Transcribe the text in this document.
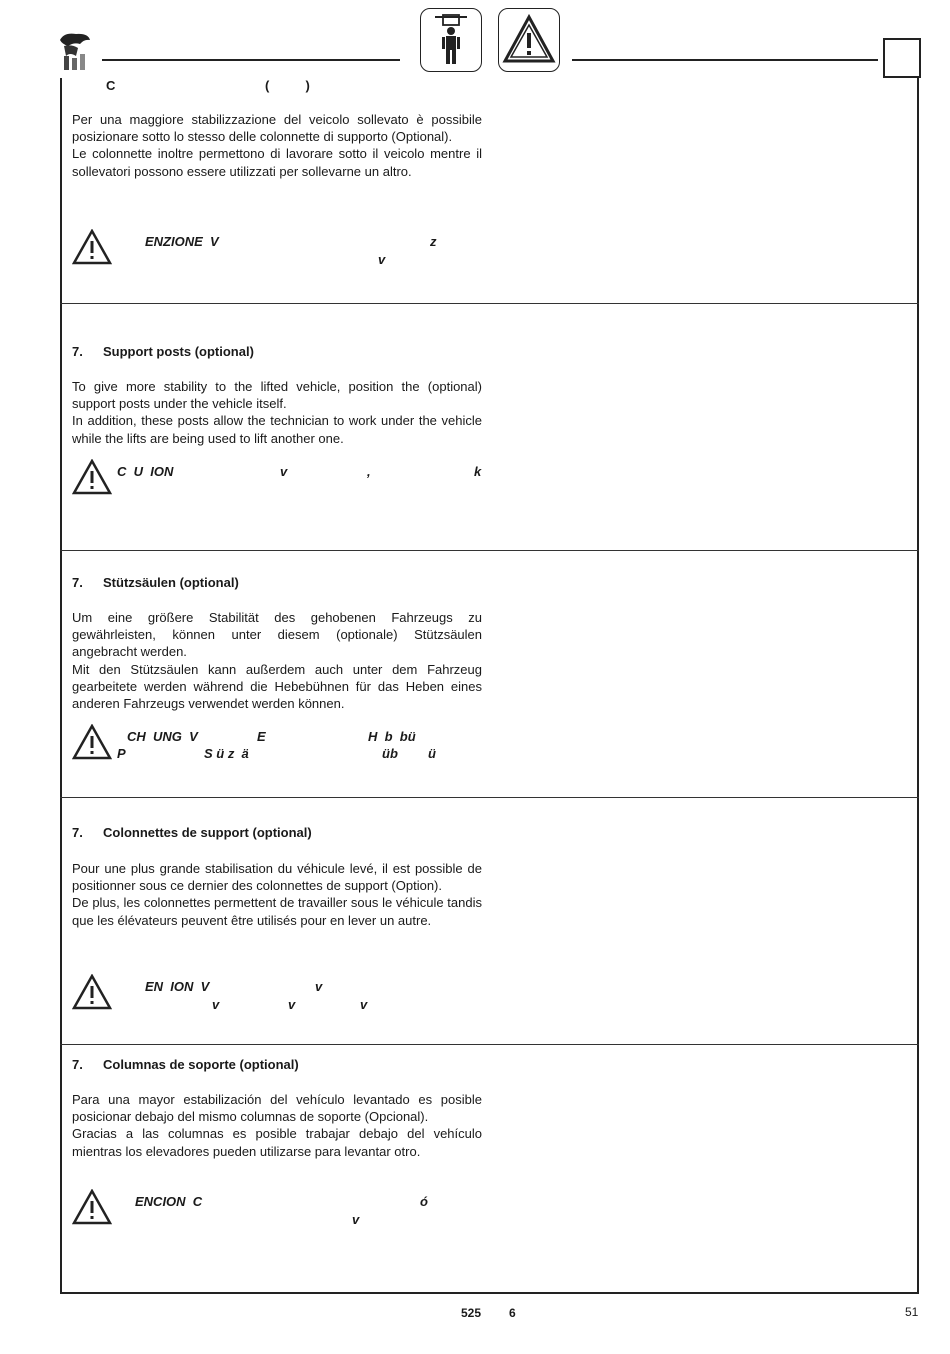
C	(          )

Per una maggiore stabilizzazione del veicolo sollevato è possibile posizionare sotto lo stesso delle colonnette di supporto (Optional).

Le colonnette inoltre permettono di lavorare sotto il veicolo mentre il sollevatori possono essere utilizzati per sollevarne un altro.

ENZIONE  V	z
v
7. Support posts (optional)

To give more stability to the lifted vehicle, position the (optional) support posts under the vehicle itself.

In addition, these posts allow the technician to work under the vehicle while the lifts are being used to lift another one.

C  U  ION	v	,	k
7. Stützsäulen (optional)

Um eine größere Stabilität des gehobenen Fahrzeugs zu gewährleisten, können unter diesem (optionale) Stützsäulen angebracht werden.

Mit den Stützsäulen kann außerdem auch unter dem Fahrzeug gearbeitete werden während die Hebebühnen für das Heben eines anderen Fahrzeugs verwendet werden können.

CH  UNG  V	E	H  b  bü
P	S ü z  ä	üb ü
7. Colonnettes de support (optional)

Pour une plus grande stabilisation du véhicule levé, il est possible de positionner sous ce dernier des colonnettes de support (Option).

De plus, les colonnettes permettent de travailler sous le véhicule tandis que les élévateurs peuvent être utilisés pour en lever un autre.

EN  ION  V	v
v	v	v
7. Columnas de soporte (optional)

Para una mayor estabilización del vehículo levantado es posible posicionar debajo del mismo columnas de soporte (Opcional).

Gracias a las columnas es posible trabajar debajo del vehículo mientras los elevadores pueden utilizarse para levantar otro.

ENCION  C	ó
v
525 6	51
